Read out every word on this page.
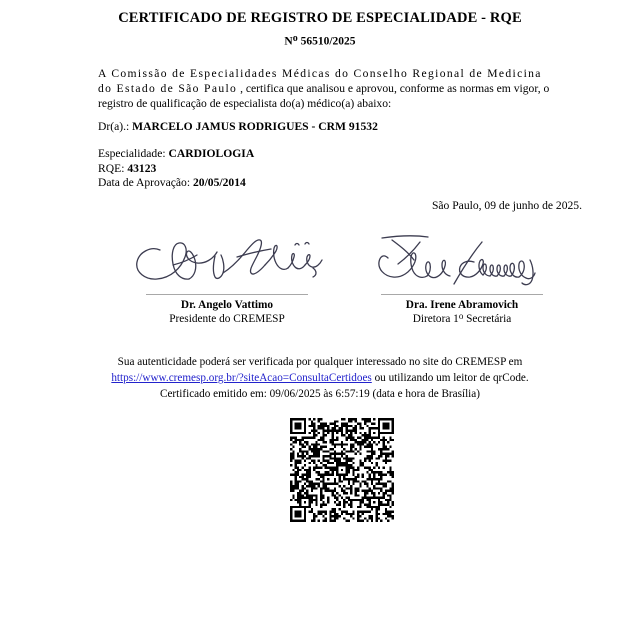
CERTIFICADO DE REGISTRO DE ESPECIALIDADE - RQE
No 56510/2025
A Comissão de Especialidades Médicas do Conselho Regional de Medicina
do Estado de São Paulo , certifica que analisou e aprovou, conforme as normas em vigor, o
registro de qualificação de especialista do(a) médico(a) abaixo:
Dr(a).: MARCELO JAMUS RODRIGUES - CRM 91532
Especialidade: CARDIOLOGIA
RQE: 43123
Data de Aprovação: 20/05/2014
São Paulo, 09 de junho de 2025.
Dr. Angelo Vattimo
Presidente do CREMESP
Dra. Irene Abramovich
Diretora 1$^o$ Secretária
Sua autenticidade poderá ser verificada por qualquer interessado no site do CREMESP em
https://www.cremesp.org.br/?siteAcao=ConsultaCertidoes ou utilizando um leitor de qrCode.
Certificado emitido em: 09/06/2025 às 6:57:19 (data e hora de Brasília)
